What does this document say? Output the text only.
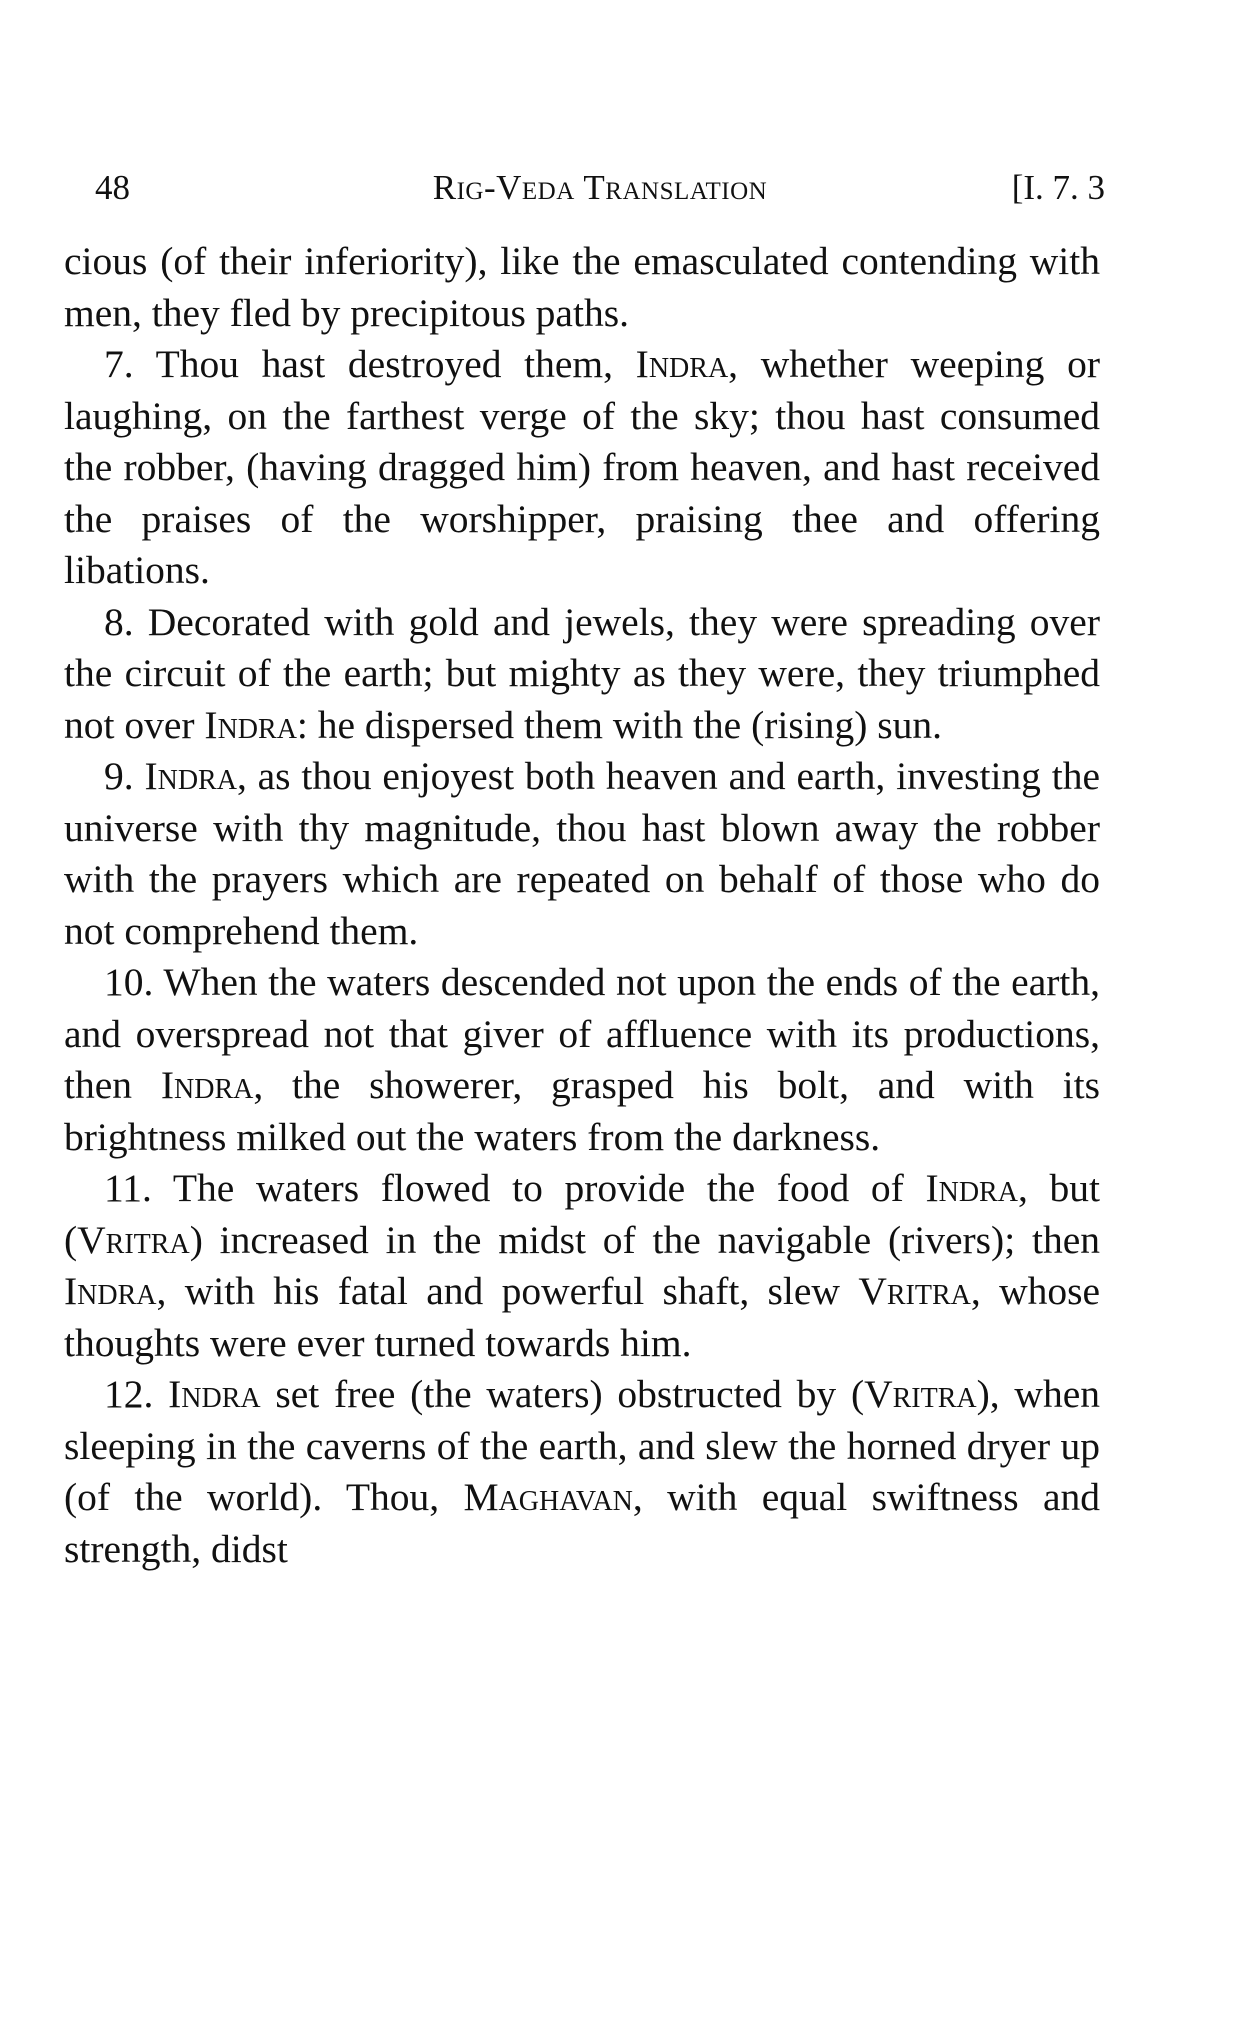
48	Rig-Veda Translation	[I. 7. 3

cious (of their inferiority), like the emasculated contending with men, they fled by precipitous paths.

7. Thou hast destroyed them, Indra, whether weeping or laughing, on the farthest verge of the sky; thou hast consumed the robber, (having dragged him) from heaven, and hast received the praises of the worshipper, praising thee and offering libations.

8. Decorated with gold and jewels, they were spreading over the circuit of the earth; but mighty as they were, they triumphed not over Indra: he dispersed them with the (rising) sun.

9. Indra, as thou enjoyest both heaven and earth, investing the universe with thy magnitude, thou hast blown away the robber with the prayers which are repeated on behalf of those who do not comprehend them.

10. When the waters descended not upon the ends of the earth, and overspread not that giver of affluence with its productions, then Indra, the showerer, grasped his bolt, and with its brightness milked out the waters from the darkness.

11. The waters flowed to provide the food of Indra, but (Vritra) increased in the midst of the navigable (rivers); then Indra, with his fatal and powerful shaft, slew Vritra, whose thoughts were ever turned towards him.

12. Indra set free (the waters) obstructed by (Vritra), when sleeping in the caverns of the earth, and slew the horned dryer up (of the world). Thou, Maghavan, with equal swiftness and strength, didst
